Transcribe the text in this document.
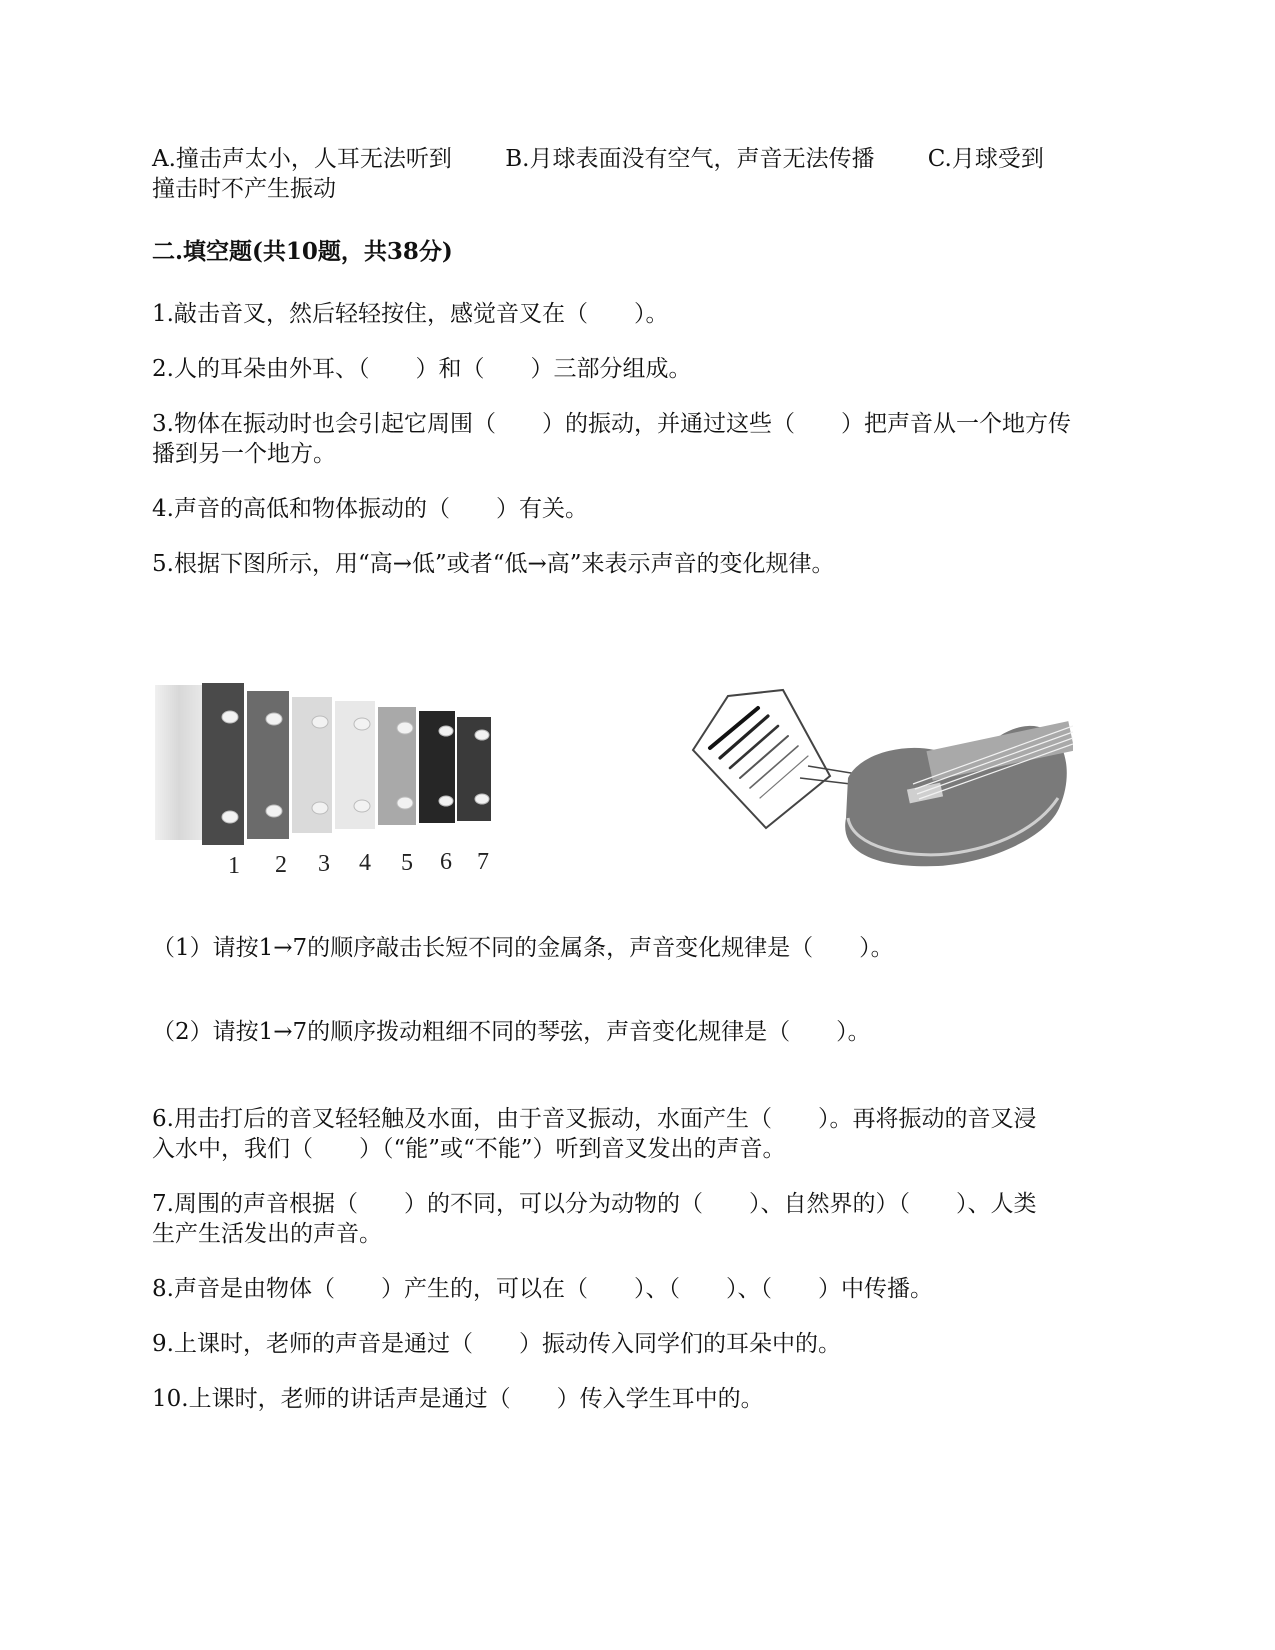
A.撞击声太小，人耳无法听到　　 B.月球表面没有空气，声音无法传播　　 C.月球受到
撞击时不产生振动
二.填空题(共10题，共38分)
1.敲击音叉，然后轻轻按住，感觉音叉在（　　）。
2.人的耳朵由外耳、（　　）和（　　）三部分组成。
3.物体在振动时也会引起它周围（　　）的振动，并通过这些（　　）把声音从一个地方传
播到另一个地方。
4.声音的高低和物体振动的（　　）有关。
5.根据下图所示，用“高→低”或者“低→高”来表示声音的变化规律。
1 2 3 4 5 6 7
（1）请按1→7的顺序敲击长短不同的金属条，声音变化规律是（　　）。
（2）请按1→7的顺序拨动粗细不同的琴弦，声音变化规律是（　　）。
6.用击打后的音叉轻轻触及水面，由于音叉振动，水面产生（　　）。再将振动的音叉浸
入水中，我们（　　）（“能”或“不能”）听到音叉发出的声音。
7.周围的声音根据（　　）的不同，可以分为动物的（　　）、自然界的）（　　）、人类
生产生活发出的声音。
8.声音是由物体（　　）产生的，可以在（　　）、（　　）、（　　）中传播。
9.上课时，老师的声音是通过（　　）振动传入同学们的耳朵中的。
10.上课时，老师的讲话声是通过（　　）传入学生耳中的。
